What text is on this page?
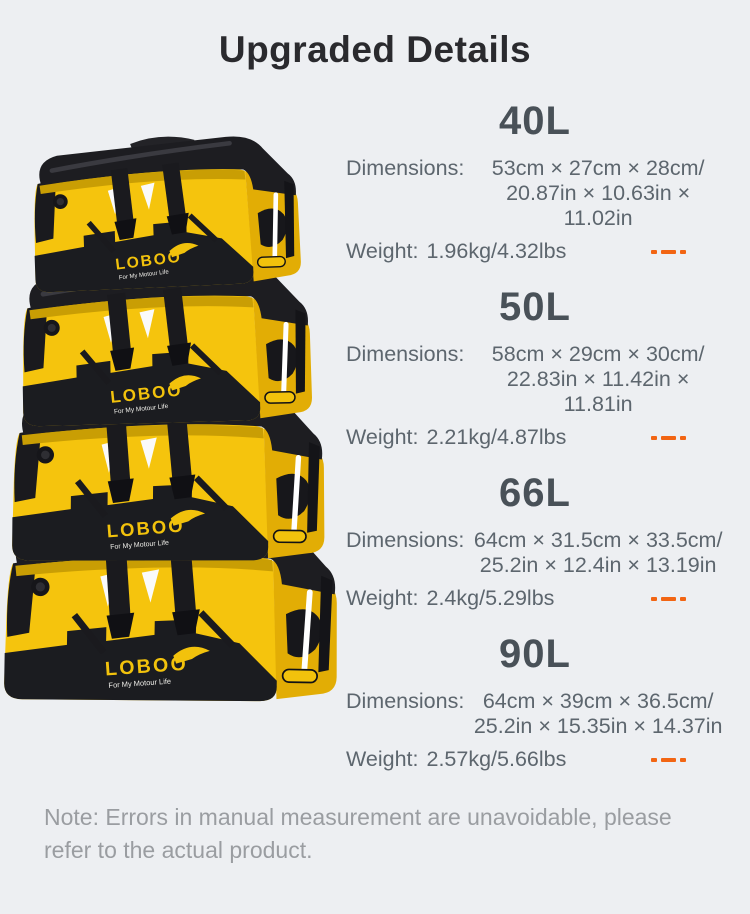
Upgraded Details
40L
Dimensions:	53cm × 27cm × 28cm/
20.87in × 10.63in × 11.02in
Weight: 1.96kg/4.32lbs
50L
Dimensions:	58cm × 29cm × 30cm/
22.83in × 11.42in × 11.81in
Weight: 2.21kg/4.87lbs
66L
Dimensions: 64cm × 31.5cm × 33.5cm/
25.2in × 12.4in × 13.19in
Weight: 2.4kg/5.29lbs
90L
Dimensions: 64cm × 39cm × 36.5cm/
25.2in × 15.35in × 14.37in
Weight: 2.57kg/5.66lbs

Note: Errors in manual measurement are unavoidable, please refer to the actual product.
